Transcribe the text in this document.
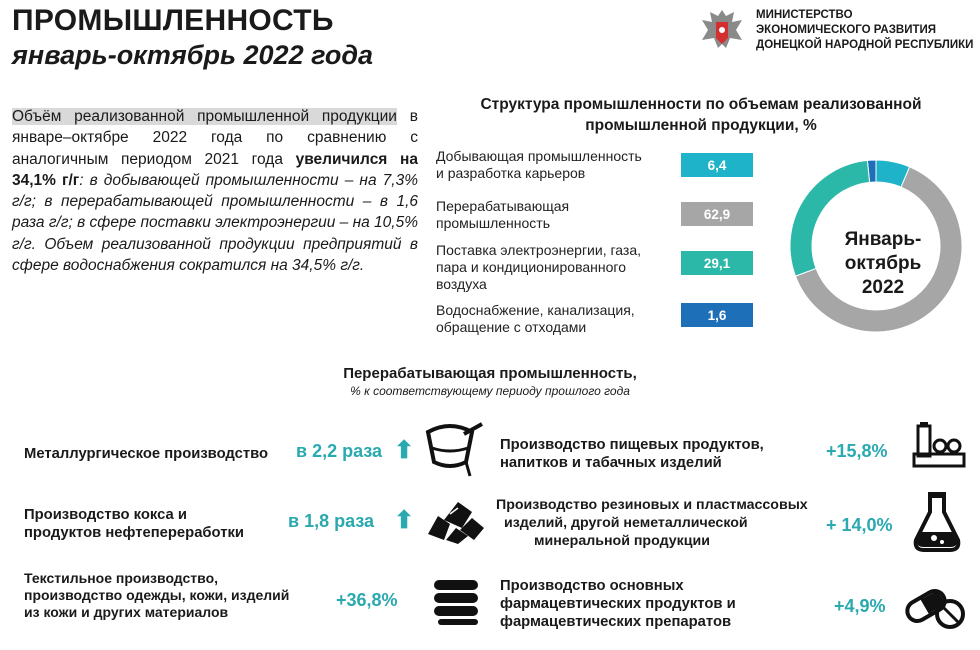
ПРОМЫШЛЕННОСТЬ
январь-октябрь 2022 года
МИНИСТЕРСТВО
ЭКОНОМИЧЕСКОГО РАЗВИТИЯ
ДОНЕЦКОЙ НАРОДНОЙ РЕСПУБЛИКИ
Объём реализованной промышленной продукции в январе–октябре 2022 года по сравнению с аналогичным периодом 2021 года увеличился на 34,1% г/г: в добывающей промышленности – на 7,3% г/г; в перерабатывающей промышленности – в 1,6 раза г/г; в сфере поставки электроэнергии – на 10,5% г/г. Объем реализованной продукции предприятий в сфере водоснабжения сократился на 34,5% г/г.
Структура промышленности по объемам реализованной
промышленной продукции, %
Добывающая промышленность
и разработка карьеров	6,4
Перерабатывающая
промышленность
62,9
Поставка электроэнергии, газа,
пара и кондиционированного
воздуха
29,1
Водоснабжение, канализация,
обращение с отходами
1,6
Январь-
октябрь
2022
Перерабатывающая промышленность,
% к соответствующему периоду прошлого года
Металлургическое производство в 2,2 раза ⬆
Производство кокса и
продуктов нефтепереработки
в 1,8 раза ⬆
Текстильное производство,
производство одежды, кожи, изделий
из кожи и других материалов
+36,8%
Производство пищевых продуктов,
напитков и табачных изделий
+15,8%
Производство резиновых и пластмассовых
изделий, другой неметаллической
минеральной продукции
+ 14,0%
Производство основных
фармацевтических продуктов и
фармацевтических препаратов
+4,9%
